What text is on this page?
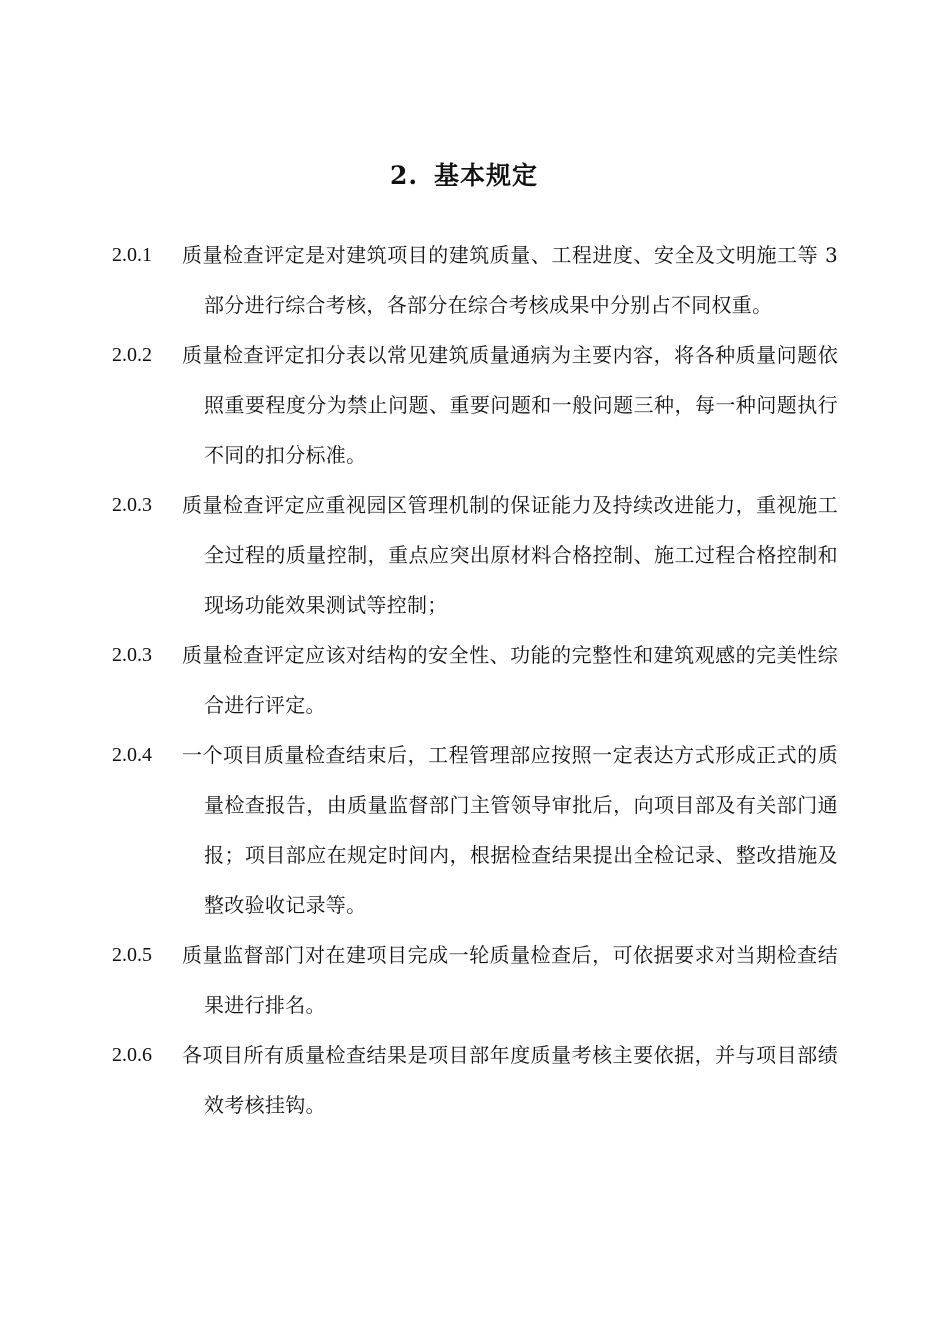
2. 基本规定
2.0.1	质量检查评定是对建筑项目的建筑质量、工程进度、安全及文明施工等 3 部分进行综合考核，各部分在综合考核成果中分别占不同权重。
2.0.2	质量检查评定扣分表以常见建筑质量通病为主要内容，将各种质量问题依照重要程度分为禁止问题、重要问题和一般问题三种，每一种问题执行不同的扣分标准。
2.0.3	质量检查评定应重视园区管理机制的保证能力及持续改进能力，重视施工全过程的质量控制，重点应突出原材料合格控制、施工过程合格控制和现场功能效果测试等控制；
2.0.3	质量检查评定应该对结构的安全性、功能的完整性和建筑观感的完美性综合进行评定。
2.0.4	一个项目质量检查结束后，工程管理部应按照一定表达方式形成正式的质量检查报告，由质量监督部门主管领导审批后，向项目部及有关部门通报；项目部应在规定时间内，根据检查结果提出全检记录、整改措施及整改验收记录等。
2.0.5	质量监督部门对在建项目完成一轮质量检查后，可依据要求对当期检查结果进行排名。
2.0.6	各项目所有质量检查结果是项目部年度质量考核主要依据，并与项目部绩效考核挂钩。
